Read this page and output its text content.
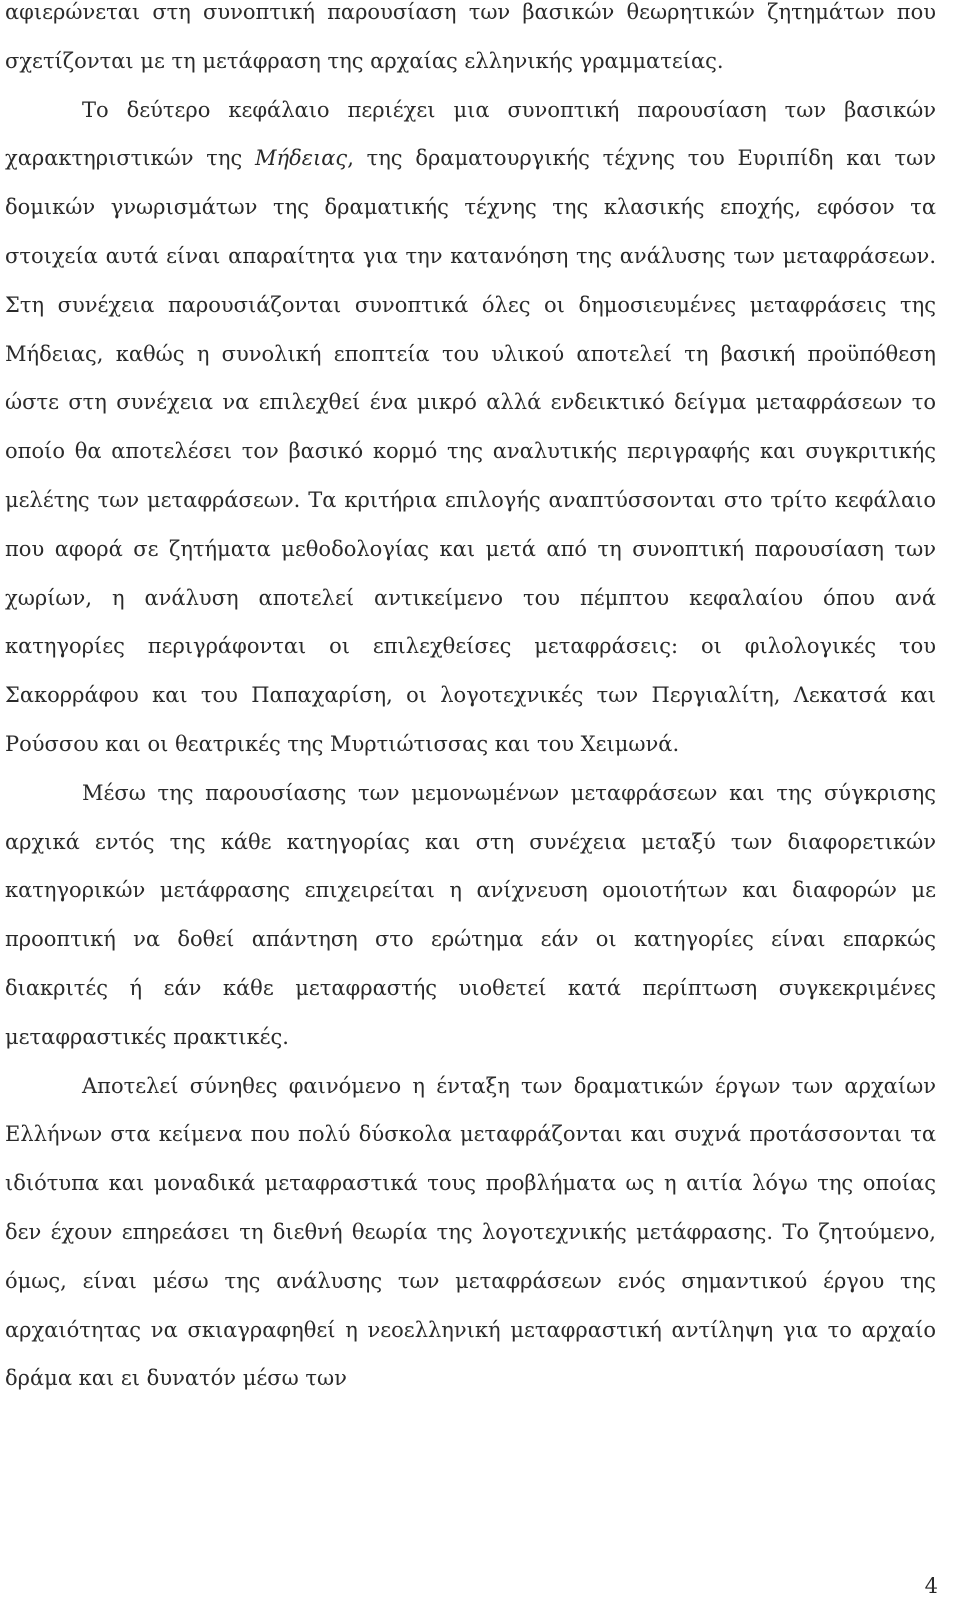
αφιερώνεται στη συνοπτική παρουσίαση των βασικών θεωρητικών ζητημάτων που σχετίζονται με τη μετάφραση της αρχαίας ελληνικής γραμματείας.

Το δεύτερο κεφάλαιο περιέχει μια συνοπτική παρουσίαση των βασικών χαρακτηριστικών της Μήδειας, της δραματουργικής τέχνης του Ευριπίδη και των δομικών γνωρισμάτων της δραματικής τέχνης της κλασικής εποχής, εφόσον τα στοιχεία αυτά είναι απαραίτητα για την κατανόηση της ανάλυσης των μεταφράσεων. Στη συνέχεια παρουσιάζονται συνοπτικά όλες οι δημοσιευμένες μεταφράσεις της Μήδειας, καθώς η συνολική εποπτεία του υλικού αποτελεί τη βασική προϋπόθεση ώστε στη συνέχεια να επιλεχθεί ένα μικρό αλλά ενδεικτικό δείγμα μεταφράσεων το οποίο θα αποτελέσει τον βασικό κορμό της αναλυτικής περιγραφής και συγκριτικής μελέτης των μεταφράσεων. Τα κριτήρια επιλογής αναπτύσσονται στο τρίτο κεφάλαιο που αφορά σε ζητήματα μεθοδολογίας και μετά από τη συνοπτική παρουσίαση των χωρίων, η ανάλυση αποτελεί αντικείμενο του πέμπτου κεφαλαίου όπου ανά κατηγορίες περιγράφονται οι επιλεχθείσες μεταφράσεις: οι φιλολογικές του Σακορράφου και του Παπαχαρίση, οι λογοτεχνικές των Περγιαλίτη, Λεκατσά και Ρούσσου και οι θεατρικές της Μυρτιώτισσας και του Χειμωνά.

Μέσω της παρουσίασης των μεμονωμένων μεταφράσεων και της σύγκρισης αρχικά εντός της κάθε κατηγορίας και στη συνέχεια μεταξύ των διαφορετικών κατηγορικών μετάφρασης επιχειρείται η ανίχνευση ομοιοτήτων και διαφορών με προοπτική να δοθεί απάντηση στο ερώτημα εάν οι κατηγορίες είναι επαρκώς διακριτές ή εάν κάθε μεταφραστής υιοθετεί κατά περίπτωση συγκεκριμένες μεταφραστικές πρακτικές.

Αποτελεί σύνηθες φαινόμενο η ένταξη των δραματικών έργων των αρχαίων Ελλήνων στα κείμενα που πολύ δύσκολα μεταφράζονται και συχνά προτάσσονται τα ιδιότυπα και μοναδικά μεταφραστικά τους προβλήματα ως η αιτία λόγω της οποίας δεν έχουν επηρεάσει τη διεθνή θεωρία της λογοτεχνικής μετάφρασης. Το ζητούμενο, όμως, είναι μέσω της ανάλυσης των μεταφράσεων ενός σημαντικού έργου της αρχαιότητας να σκιαγραφηθεί η νεοελληνική μεταφραστική αντίληψη για το αρχαίο δράμα και ει δυνατόν μέσω των

4
